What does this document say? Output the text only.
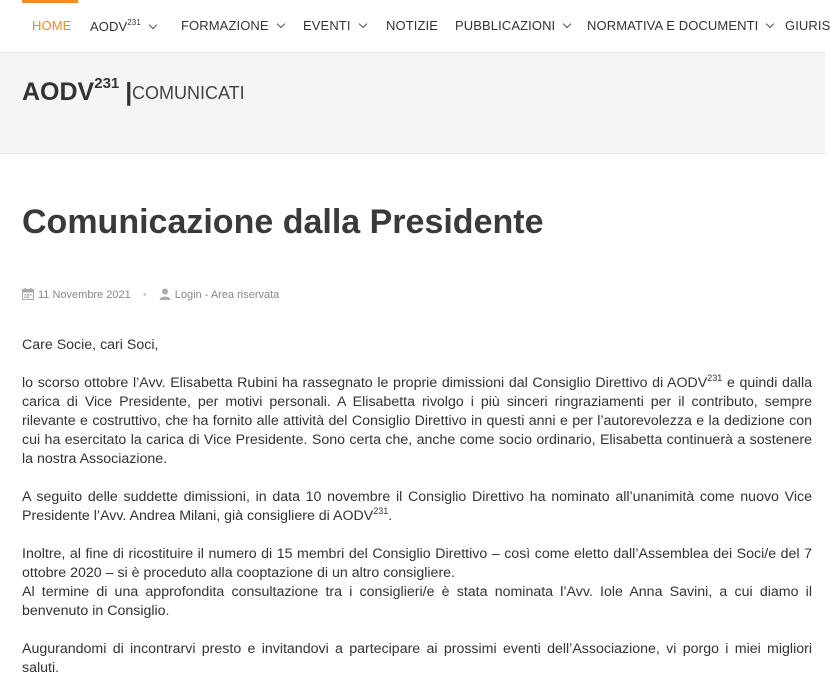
HOME AODV$^{231}$	FORMAZIONE	EVENTI	NOTIZIE PUBBLICAZIONI	NORMATIVA E DOCUMENTI	GIURIS
AODV$^{231}$ | COMUNICATI
Comunicazione dalla Presidente
11 Novembre 2021 •	Login - Area riservata

Care Socie, cari Soci,

lo scorso ottobre l’Avv. Elisabetta Rubini ha rassegnato le proprie dimissioni dal Consiglio Direttivo di AODV$^{231}$ e quindi dalla carica di Vice Presidente, per motivi personali. A Elisabetta rivolgo i più sinceri ringraziamenti per il contributo, sempre rilevante e costruttivo, che ha fornito alle attività del Consiglio Direttivo in questi anni e per l’autorevolezza e la dedizione con cui ha esercitato la carica di Vice Presidente. Sono certa che, anche come socio ordinario, Elisabetta continuerà a sostenere la nostra Associazione.

A seguito delle suddette dimissioni, in data 10 novembre il Consiglio Direttivo ha nominato all’unanimità come nuovo Vice Presidente l’Avv. Andrea Milani, già consigliere di AODV$^{231}$.

Inoltre, al fine di ricostituire il numero di 15 membri del Consiglio Direttivo – così come eletto dall’Assemblea dei Soci/e del 7 ottobre 2020 – si è proceduto alla cooptazione di un altro consigliere.
Al termine di una approfondita consultazione tra i consiglieri/e è stata nominata l’Avv. Iole Anna Savini, a cui diamo il benvenuto in Consiglio.

Augurandomi di incontrarvi presto e invitandovi a partecipare ai prossimi eventi dell’Associazione, vi porgo i miei migliori saluti.
